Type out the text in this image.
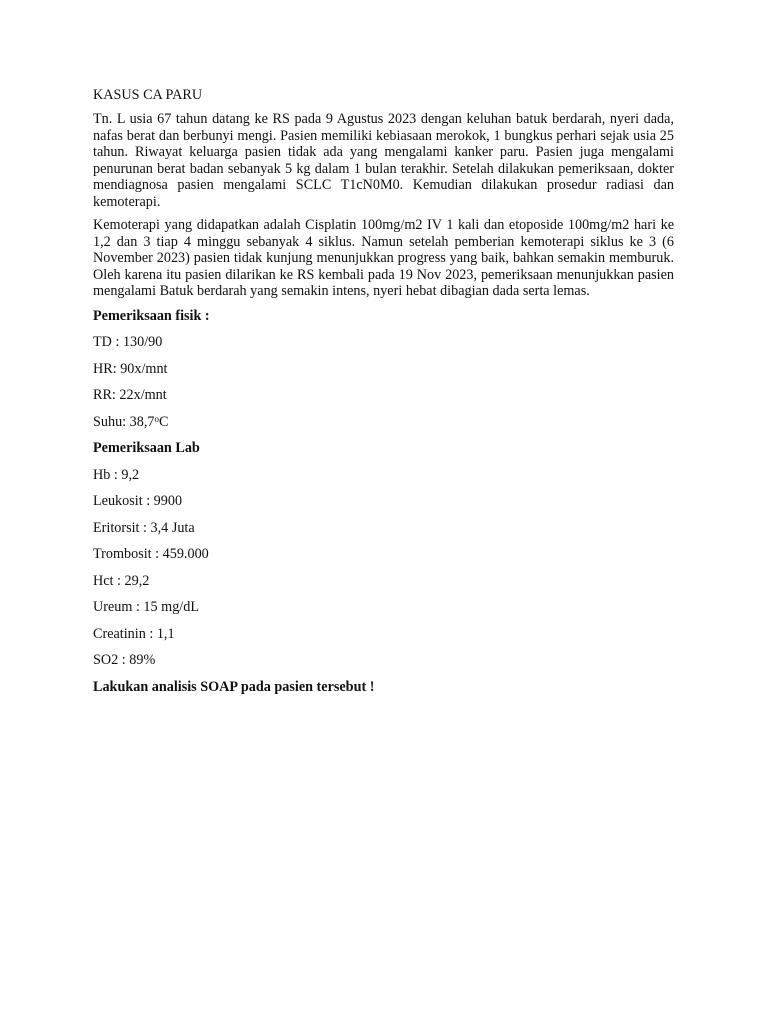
KASUS CA PARU

Tn. L usia 67 tahun datang ke RS pada 9 Agustus 2023 dengan keluhan batuk berdarah, nyeri dada, nafas berat dan berbunyi mengi. Pasien memiliki kebiasaan merokok, 1 bungkus perhari sejak usia 25 tahun. Riwayat keluarga pasien tidak ada yang mengalami kanker paru. Pasien juga mengalami penurunan berat badan sebanyak 5 kg dalam 1 bulan terakhir. Setelah dilakukan pemeriksaan, dokter mendiagnosa pasien mengalami SCLC T1cN0M0. Kemudian dilakukan prosedur radiasi dan kemoterapi.

Kemoterapi yang didapatkan adalah Cisplatin 100mg/m2 IV 1 kali dan etoposide 100mg/m2 hari ke 1,2 dan 3 tiap 4 minggu sebanyak 4 siklus. Namun setelah pemberian kemoterapi siklus ke 3 (6 November 2023) pasien tidak kunjung menunjukkan progress yang baik, bahkan semakin memburuk. Oleh karena itu pasien dilarikan ke RS kembali pada 19 Nov 2023, pemeriksaan menunjukkan pasien mengalami Batuk berdarah yang semakin intens, nyeri hebat dibagian dada serta lemas.

Pemeriksaan fisik :

TD : 130/90

HR: 90x/mnt

RR: 22x/mnt

Suhu: 38,7$^o$C

Pemeriksaan Lab

Hb : 9,2

Leukosit : 9900

Eritorsit : 3,4 Juta

Trombosit : 459.000

Hct : 29,2

Ureum : 15 mg/dL

Creatinin : 1,1

SO2 : 89%

Lakukan analisis SOAP pada pasien tersebut !
